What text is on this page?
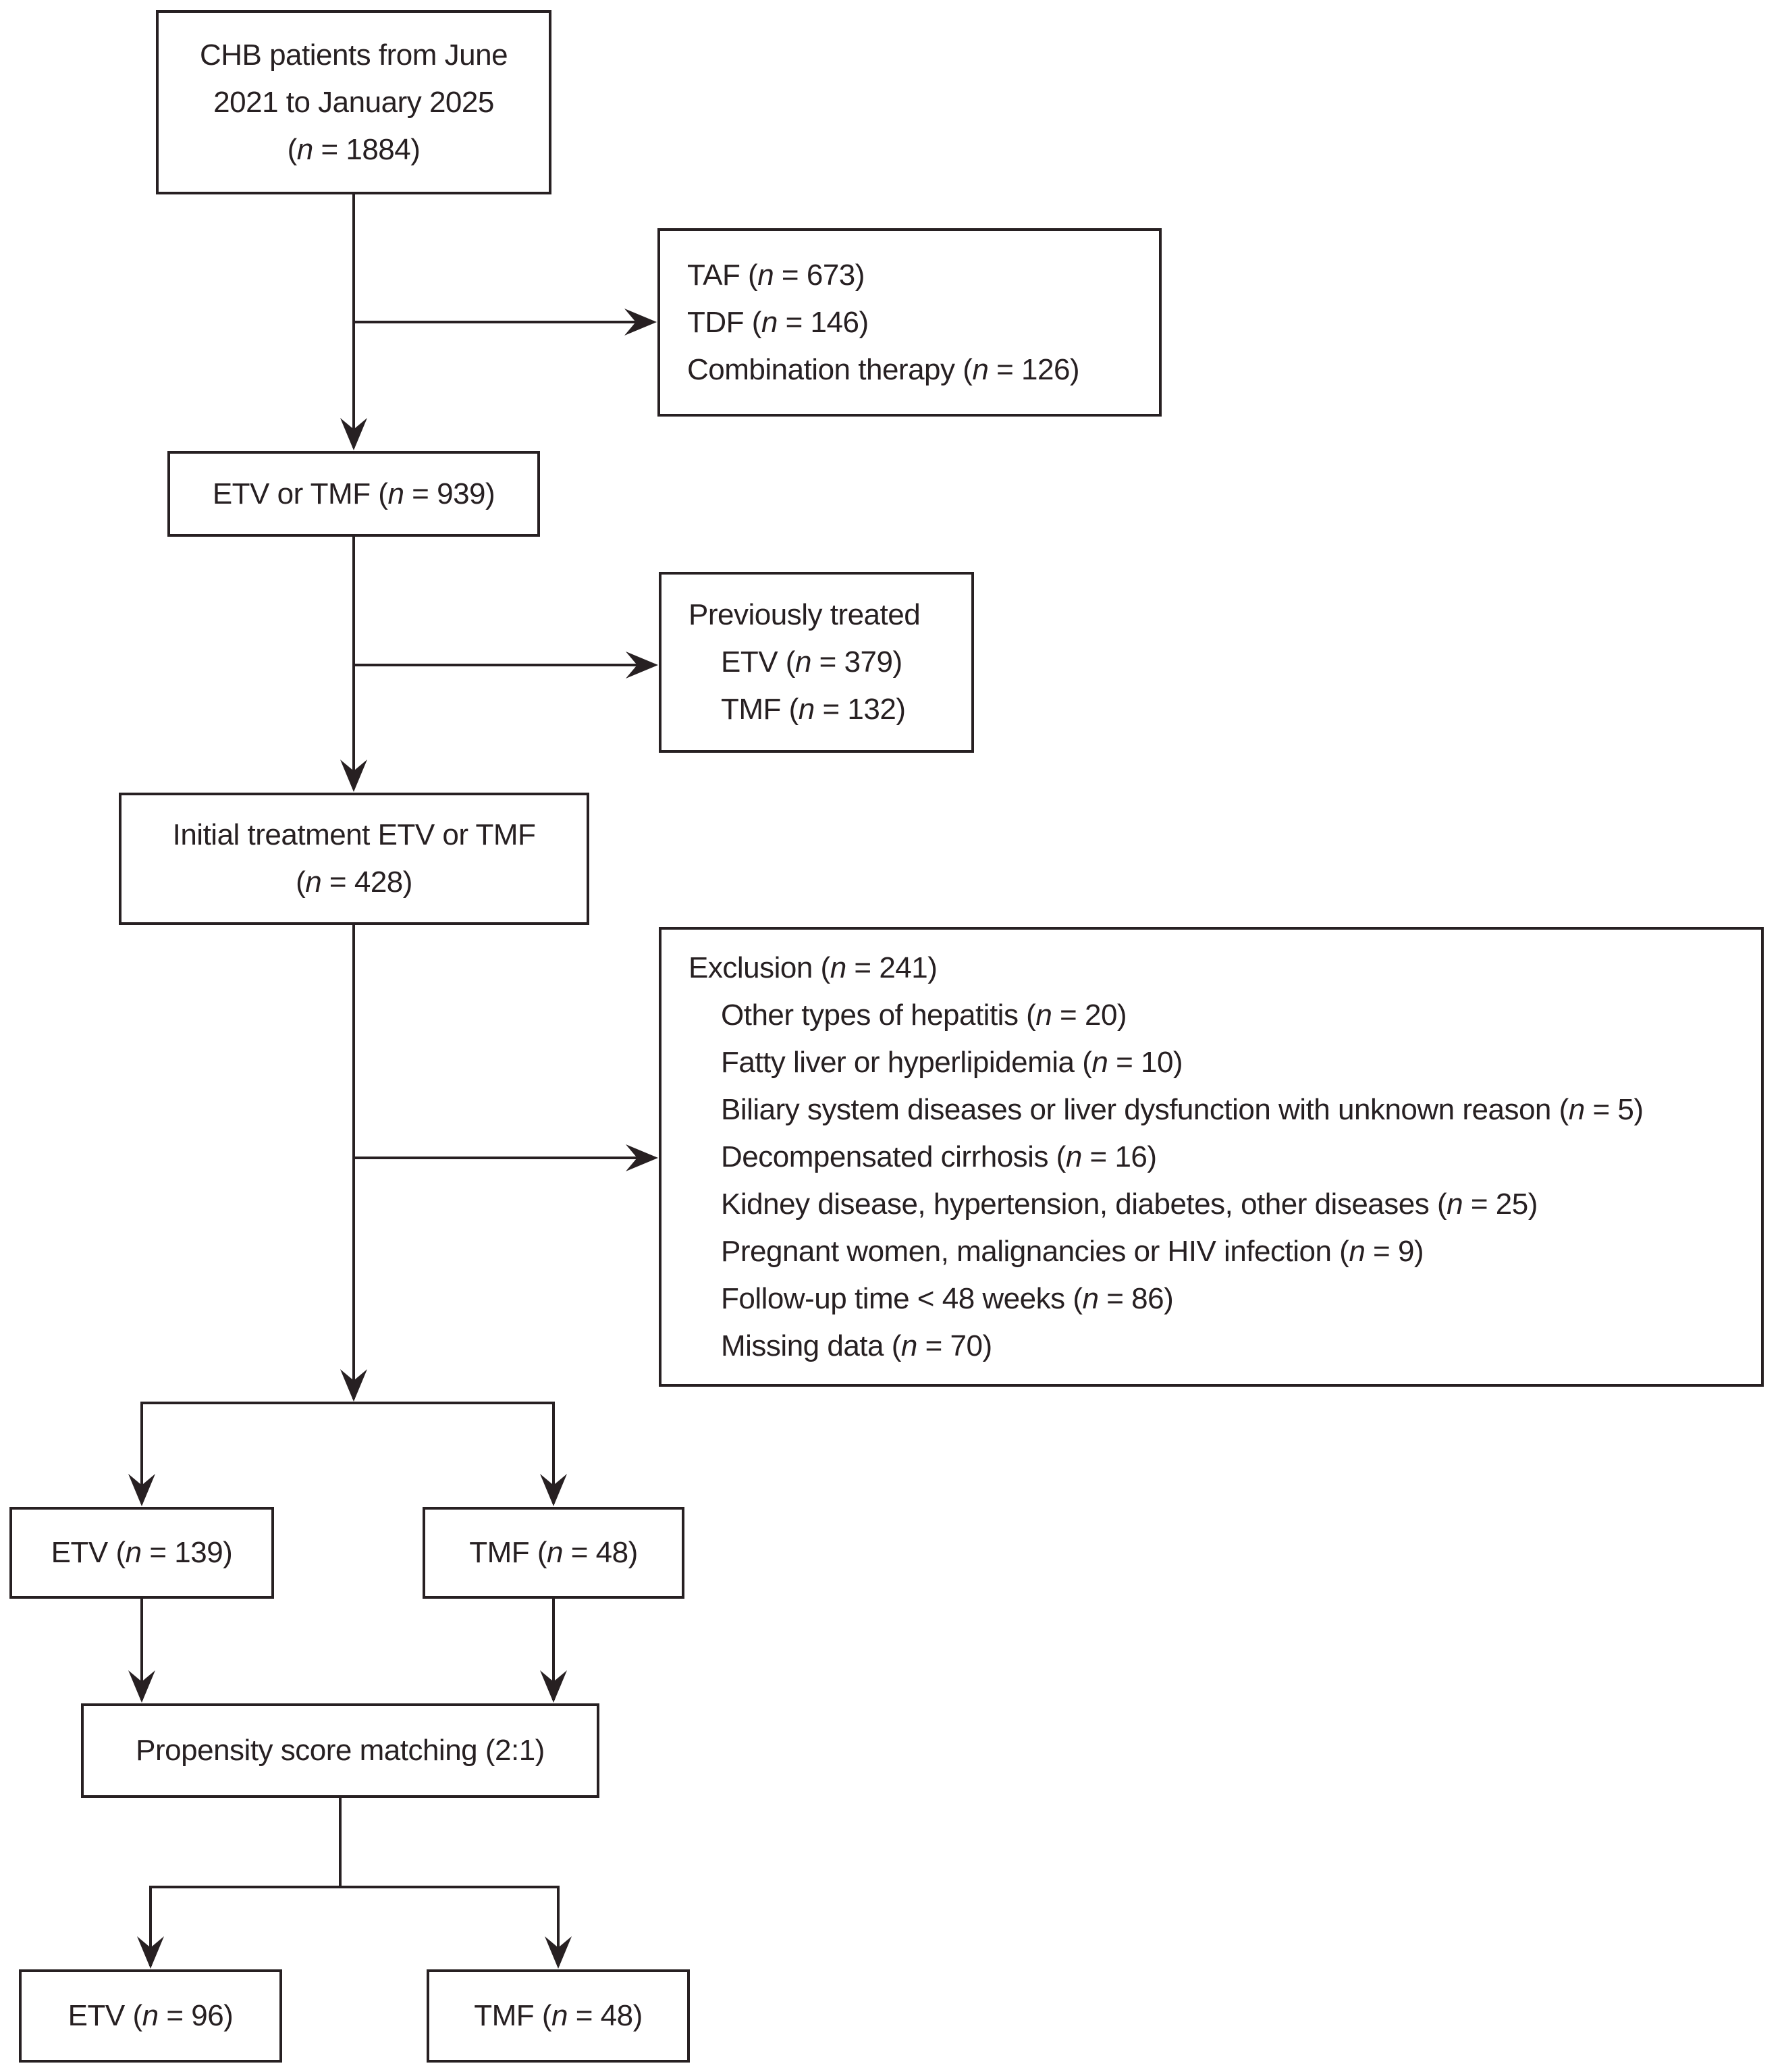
CHB patients from June
2021 to January 2025
(n = 1884)
TAF (n = 673)
TDF (n = 146)
Combination therapy (n = 126)
ETV or TMF (n = 939)
Previously treated
ETV (n = 379)
TMF (n = 132)
Initial treatment ETV or TMF
(n = 428)
Exclusion (n = 241)
Other types of hepatitis (n = 20)
Fatty liver or hyperlipidemia (n = 10)
Biliary system diseases or liver dysfunction with unknown reason (n = 5)
Decompensated cirrhosis (n = 16)
Kidney disease, hypertension, diabetes, other diseases (n = 25)
Pregnant women, malignancies or HIV infection (n = 9)
Follow-up time < 48 weeks (n = 86)
Missing data (n = 70)
ETV (n = 139)	TMF (n = 48)
Propensity score matching (2:1)
ETV (n = 96)	TMF (n = 48)
